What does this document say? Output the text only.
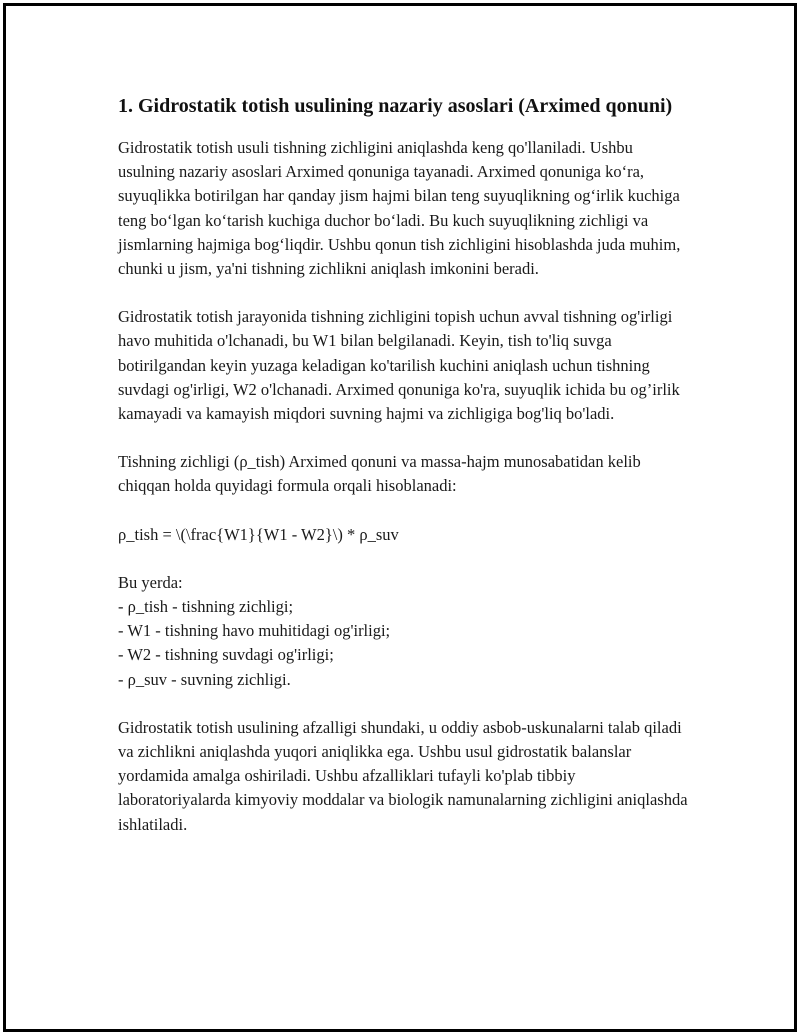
1. Gidrostatik totish usulining nazariy asoslari (Arximed qonuni)

Gidrostatik totish usuli tishning zichligini aniqlashda keng qo'llaniladi. Ushbu usulning nazariy asoslari Arximed qonuniga tayanadi. Arximed qonuniga ko‘ra, suyuqlikka botirilgan har qanday jism hajmi bilan teng suyuqlikning og‘irlik kuchiga teng bo‘lgan ko‘tarish kuchiga duchor bo‘ladi. Bu kuch suyuqlikning zichligi va jismlarning hajmiga bog‘liqdir. Ushbu qonun tish zichligini hisoblashda juda muhim, chunki u jism, ya'ni tishning zichlikni aniqlash imkonini beradi.

Gidrostatik totish jarayonida tishning zichligini topish uchun avval tishning og'irligi havo muhitida o'lchanadi, bu W1 bilan belgilanadi. Keyin, tish to'liq suvga botirilgandan keyin yuzaga keladigan ko'tarilish kuchini aniqlash uchun tishning suvdagi og'irligi, W2 o'lchanadi. Arximed qonuniga ko'ra, suyuqlik ichida bu og’irlik kamayadi va kamayish miqdori suvning hajmi va zichligiga bog'liq bo'ladi.

Tishning zichligi (ρ_tish) Arximed qonuni va massa-hajm munosabatidan kelib chiqqan holda quyidagi formula orqali hisoblanadi:

ρ_tish = \(\frac{W1}{W1 - W2}\) * ρ_suv

Bu yerda:
- ρ_tish - tishning zichligi;
- W1 - tishning havo muhitidagi og'irligi;
- W2 - tishning suvdagi og'irligi;
- ρ_suv - suvning zichligi.

Gidrostatik totish usulining afzalligi shundaki, u oddiy asbob-uskunalarni talab qiladi va zichlikni aniqlashda yuqori aniqlikka ega. Ushbu usul gidrostatik balanslar yordamida amalga oshiriladi. Ushbu afzalliklari tufayli ko'plab tibbiy laboratoriyalarda kimyoviy moddalar va biologik namunalarning zichligini aniqlashda ishlatiladi.
